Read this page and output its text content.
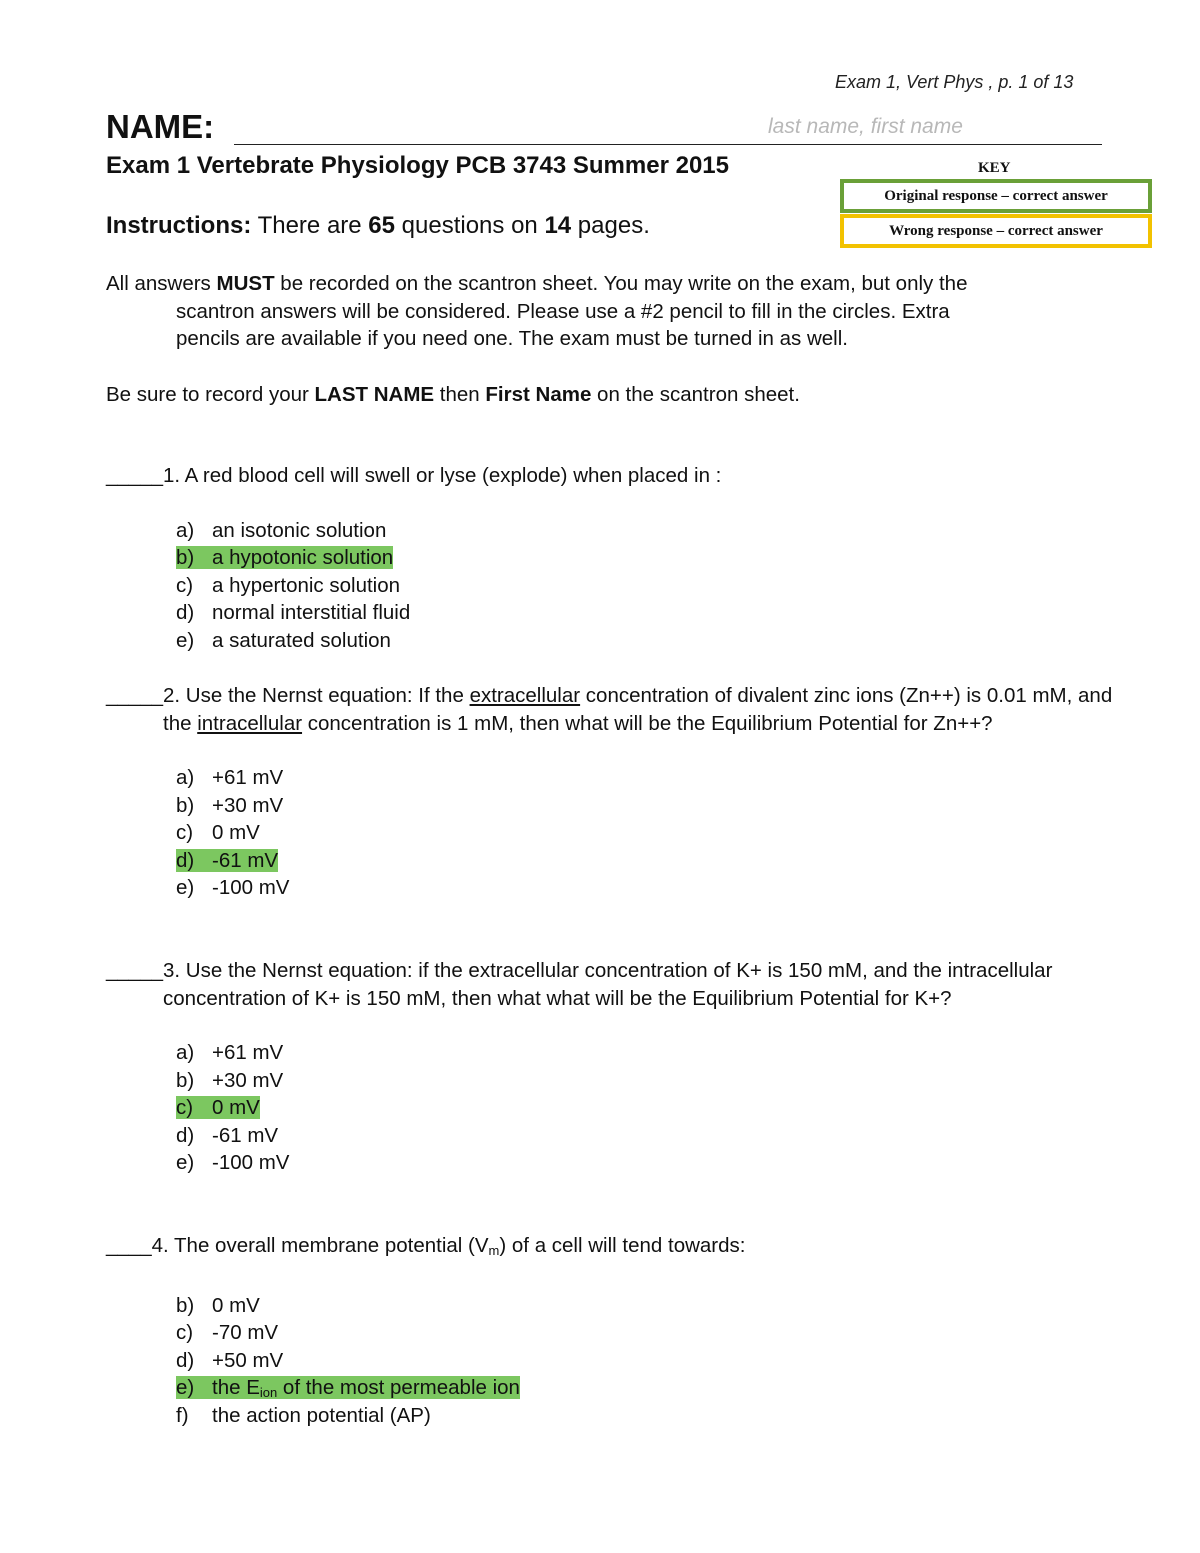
Exam 1, Vert Phys , p. 1 of 13
NAME:	last name, first name
Exam 1 Vertebrate Physiology PCB 3743 Summer 2015	KEY
Original response – correct answer
Wrong response – correct answer
Instructions: There are 65 questions on 14 pages.
All answers MUST be recorded on the scantron sheet. You may write on the exam, but only the
scantron answers will be considered. Please use a #2 pencil to fill in the circles. Extra
pencils are available if you need one. The exam must be turned in as well.
Be sure to record your LAST NAME then First Name on the scantron sheet.
_____ 1. A red blood cell will swell or lyse (explode) when placed in :
a) an isotonic solution
b) a hypotonic solution
c) a hypertonic solution
d) normal interstitial fluid
e) a saturated solution
_____ 2. Use the Nernst equation: If the extracellular concentration of divalent zinc ions (Zn++) is 0.01 mM, and the intracellular concentration is 1 mM, then what will be the Equilibrium Potential for Zn++?
a) +61 mV
b) +30 mV
c) 0 mV
d) -61 mV
e) -100 mV
_____ 3. Use the Nernst equation: if the extracellular concentration of K+ is 150 mM, and the intracellular concentration of K+ is 150 mM, then what what will be the Equilibrium Potential for K+?
a) +61 mV
b) +30 mV
c) 0 mV
d) -61 mV
e) -100 mV
____ 4. The overall membrane potential $(V_m)$ of a cell will tend towards:
b) 0 mV
c) -70 mV
d) +50 mV
e) the $E_{ion}$ of the most permeable ion
f) the action potential (AP)
